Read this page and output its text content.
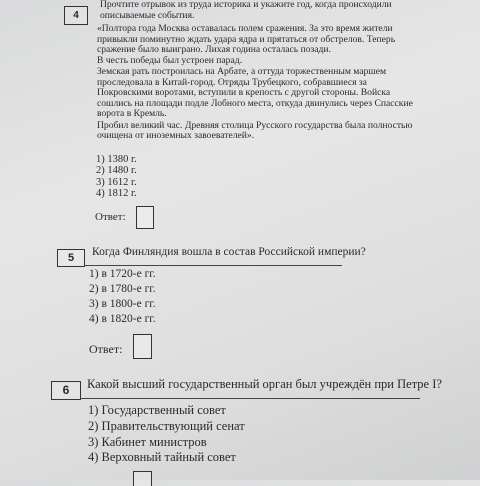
4
Прочтите отрывок из труда историка и укажите год, когда происходили
описываемые события.
«Полтора года Москва оставалась полем сражения. За это время жители
привыкли поминутно ждать удара ядра и прятаться от обстрелов. Теперь
сражение было выиграно. Лихая година осталась позади.
В честь победы был устроен парад.
Земская рать построилась на Арбате, а оттуда торжественным маршем
проследовала в Китай-город. Отряды Трубецкого, собравшиеся за
Покровскими воротами, вступили в крепость с другой стороны. Войска
сошлись на площади подле Лобного места, откуда двинулись через Спасские
ворота в Кремль.
Пробил великий час. Древняя столица Русского государства была полностью
очищена от иноземных завоевателей».
1) 1380 г.
2) 1480 г.
3) 1612 г.
4) 1812 г.
Ответ:
5	Когда Финляндия вошла в состав Российской империи?
1) в 1720-е гг.
2) в 1780-е гг.
3) в 1800-е гг.
4) в 1820-е гг.
Ответ:
6	Какой высший государственный орган был учреждён при Петре I?
1) Государственный совет
2) Правительствующий сенат
3) Кабинет министров
4) Верховный тайный совет
